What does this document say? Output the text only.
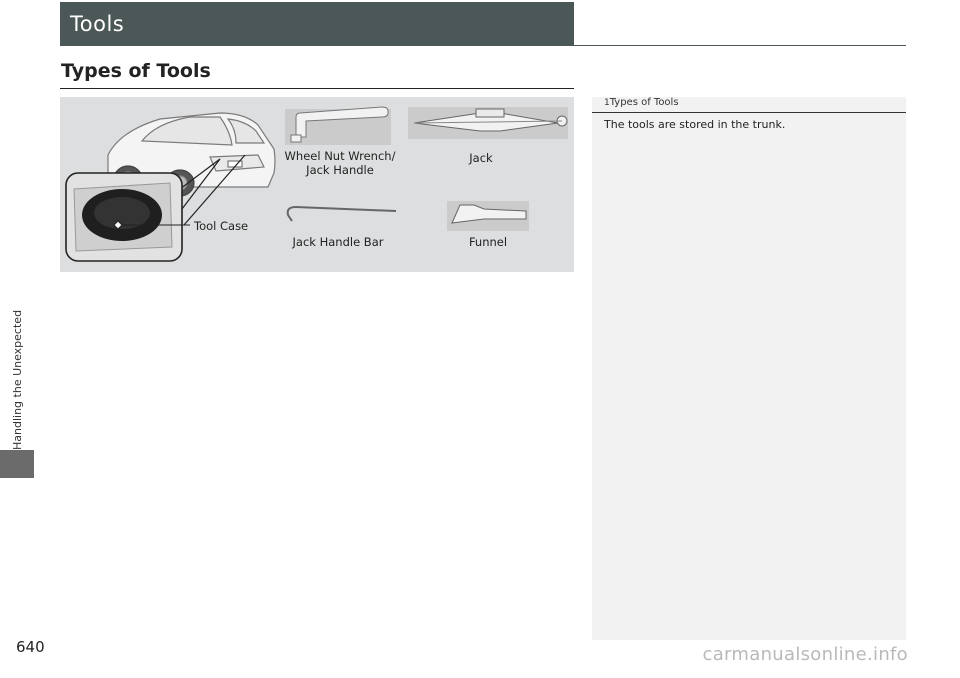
Handling the Unexpected
Tools
Types of Tools
Wheel Nut Wrench/
Jack Handle
Jack
Tool Case
Jack Handle Bar	Funnel
1Types of Tools
The tools are stored in the trunk.
640	carmanualsonline.info
